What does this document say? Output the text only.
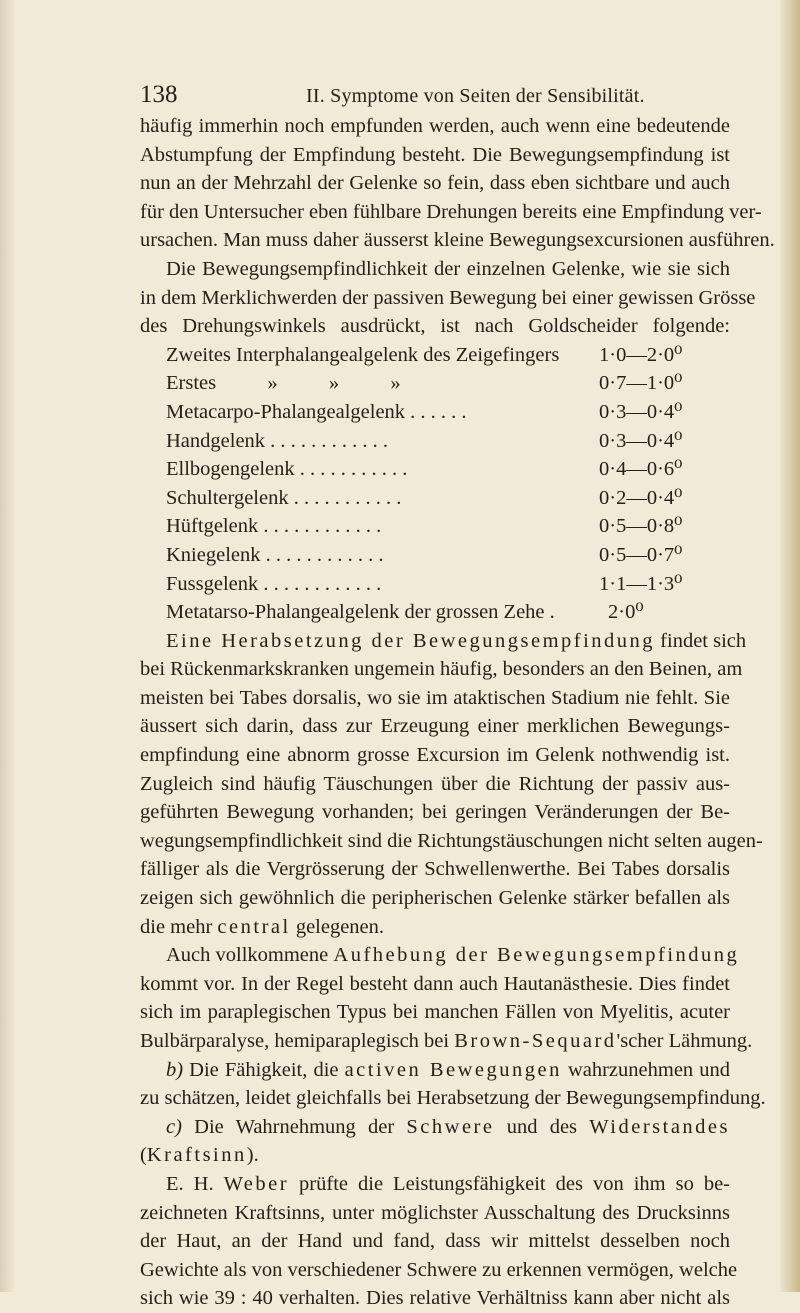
138	II. Symptome von Seiten der Sensibilität.
häufig immerhin noch empfunden werden, auch wenn eine bedeutende
Abstumpfung der Empfindung besteht. Die Bewegungsempfindung ist
nun an der Mehrzahl der Gelenke so fein, dass eben sichtbare und auch
für den Untersucher eben fühlbare Drehungen bereits eine Empfindung ver-
ursachen. Man muss daher äusserst kleine Bewegungsexcursionen ausführen.
Die Bewegungsempfindlichkeit der einzelnen Gelenke, wie sie sich
in dem Merklichwerden der passiven Bewegung bei einer gewissen Grösse
des Drehungswinkels ausdrückt, ist nach Goldscheider folgende:
Zweites Interphalangealgelenk des Zeigefingers 1·0—2·0⁰
Erstes          »          »          »	0·7—1·0⁰
Metacarpo-Phalangealgelenk . . . . . .	0·3—0·4⁰
Handgelenk . . . . . . . . . . . .	0·3—0·4⁰
Ellbogengelenk . . . . . . . . . . .	0·4—0·6⁰
Schultergelenk . . . . . . . . . . .	0·2—0·4⁰
Hüftgelenk . . . . . . . . . . . .	0·5—0·8⁰
Kniegelenk . . . . . . . . . . . .	0·5—0·7⁰
Fussgelenk . . . . . . . . . . . .	1·1—1·3⁰
Metatarso-Phalangealgelenk der grossen Zehe .	2·0⁰
Eine Herabsetzung der Bewegungsempfindung findet sich
bei Rückenmarkskranken ungemein häufig, besonders an den Beinen, am
meisten bei Tabes dorsalis, wo sie im ataktischen Stadium nie fehlt. Sie
äussert sich darin, dass zur Erzeugung einer merklichen Bewegungs-
empfindung eine abnorm grosse Excursion im Gelenk nothwendig ist.
Zugleich sind häufig Täuschungen über die Richtung der passiv aus-
geführten Bewegung vorhanden; bei geringen Veränderungen der Be-
wegungsempfindlichkeit sind die Richtungstäuschungen nicht selten augen-
fälliger als die Vergrösserung der Schwellenwerthe. Bei Tabes dorsalis
zeigen sich gewöhnlich die peripherischen Gelenke stärker befallen als
die mehr central gelegenen.
Auch vollkommene Aufhebung der Bewegungsempfindung
kommt vor. In der Regel besteht dann auch Hautanästhesie. Dies findet
sich im paraplegischen Typus bei manchen Fällen von Myelitis, acuter
Bulbärparalyse, hemiparaplegisch bei Brown-Sequard'scher Lähmung.
b) Die Fähigkeit, die activen Bewegungen wahrzunehmen und
zu schätzen, leidet gleichfalls bei Herabsetzung der Bewegungsempfindung.
c) Die Wahrnehmung der Schwere und des Widerstandes
(Kraftsinn).
E. H. Weber prüfte die Leistungsfähigkeit des von ihm so be-
zeichneten Kraftsinns, unter möglichster Ausschaltung des Drucksinns
der Haut, an der Hand und fand, dass wir mittelst desselben noch
Gewichte als von verschiedener Schwere zu erkennen vermögen, welche
sich wie 39 : 40 verhalten. Dies relative Verhältniss kann aber nicht als
